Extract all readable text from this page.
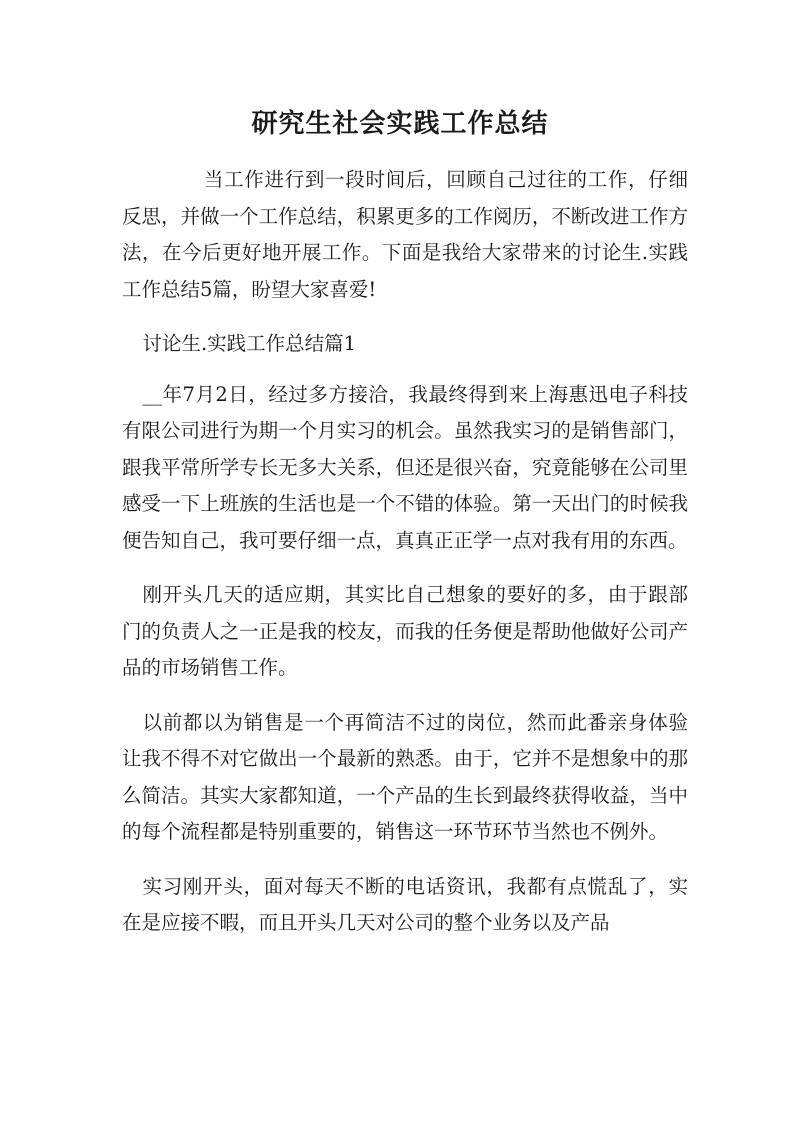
研究生社会实践工作总结

当工作进行到一段时间后，回顾自己过往的工作，仔细反思，并做一个工作总结，积累更多的工作阅历，不断改进工作方法，在今后更好地开展工作。下面是我给大家带来的讨论生.实践工作总结5篇，盼望大家喜爱!

讨论生.实践工作总结篇1

__年7月2日，经过多方接洽，我最终得到来上海惠迅电子科技有限公司进行为期一个月实习的机会。虽然我实习的是销售部门，跟我平常所学专长无多大关系，但还是很兴奋，究竟能够在公司里感受一下上班族的生活也是一个不错的体验。第一天出门的时候我便告知自己，我可要仔细一点，真真正正学一点对我有用的东西。

刚开头几天的适应期，其实比自己想象的要好的多，由于跟部门的负责人之一正是我的校友，而我的任务便是帮助他做好公司产品的市场销售工作。

以前都以为销售是一个再简洁不过的岗位，然而此番亲身体验让我不得不对它做出一个最新的熟悉。由于，它并不是想象中的那么简洁。其实大家都知道，一个产品的生长到最终获得收益，当中的每个流程都是特别重要的，销售这一环节环节当然也不例外。

实习刚开头，面对每天不断的电话资讯，我都有点慌乱了，实在是应接不暇，而且开头几天对公司的整个业务以及产品
